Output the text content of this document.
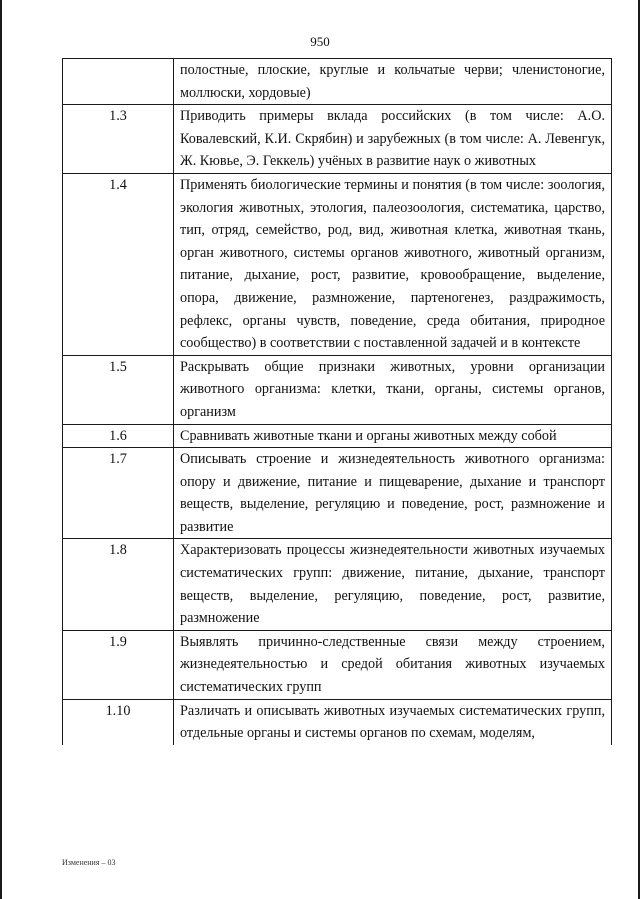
950
	полостные, плоские, круглые и кольчатые черви; членистоногие, моллюски, хордовые)
1.3	Приводить примеры вклада российских (в том числе: А.О. Ковалевский, К.И. Скрябин) и зарубежных (в том числе: А. Левенгук, Ж. Кювье, Э. Геккель) учёных в развитие наук о животных
1.4	Применять биологические термины и понятия (в том числе: зоология, экология животных, этология, палеозоология, систематика, царство, тип, отряд, семейство, род, вид, животная клетка, животная ткань, орган животного, системы органов животного, животный организм, питание, дыхание, рост, развитие, кровообращение, выделение, опора, движение, размножение, партеногенез, раздражимость, рефлекс, органы чувств, поведение, среда обитания, природное сообщество) в соответствии с поставленной задачей и в контексте
1.5	Раскрывать общие признаки животных, уровни организации животного организма: клетки, ткани, органы, системы органов, организм
1.6	Сравнивать животные ткани и органы животных между собой
1.7	Описывать строение и жизнедеятельность животного организма: опору и движение, питание и пищеварение, дыхание и транспорт веществ, выделение, регуляцию и поведение, рост, размножение и развитие
1.8	Характеризовать процессы жизнедеятельности животных изучаемых систематических групп: движение, питание, дыхание, транспорт веществ, выделение, регуляцию, поведение, рост, развитие, размножение
1.9	Выявлять причинно-следственные связи между строением, жизнедеятельностью и средой обитания животных изучаемых систематических групп
1.10	Различать и описывать животных изучаемых систематических групп, отдельные органы и системы органов по схемам, моделям,
Изменения – 03
